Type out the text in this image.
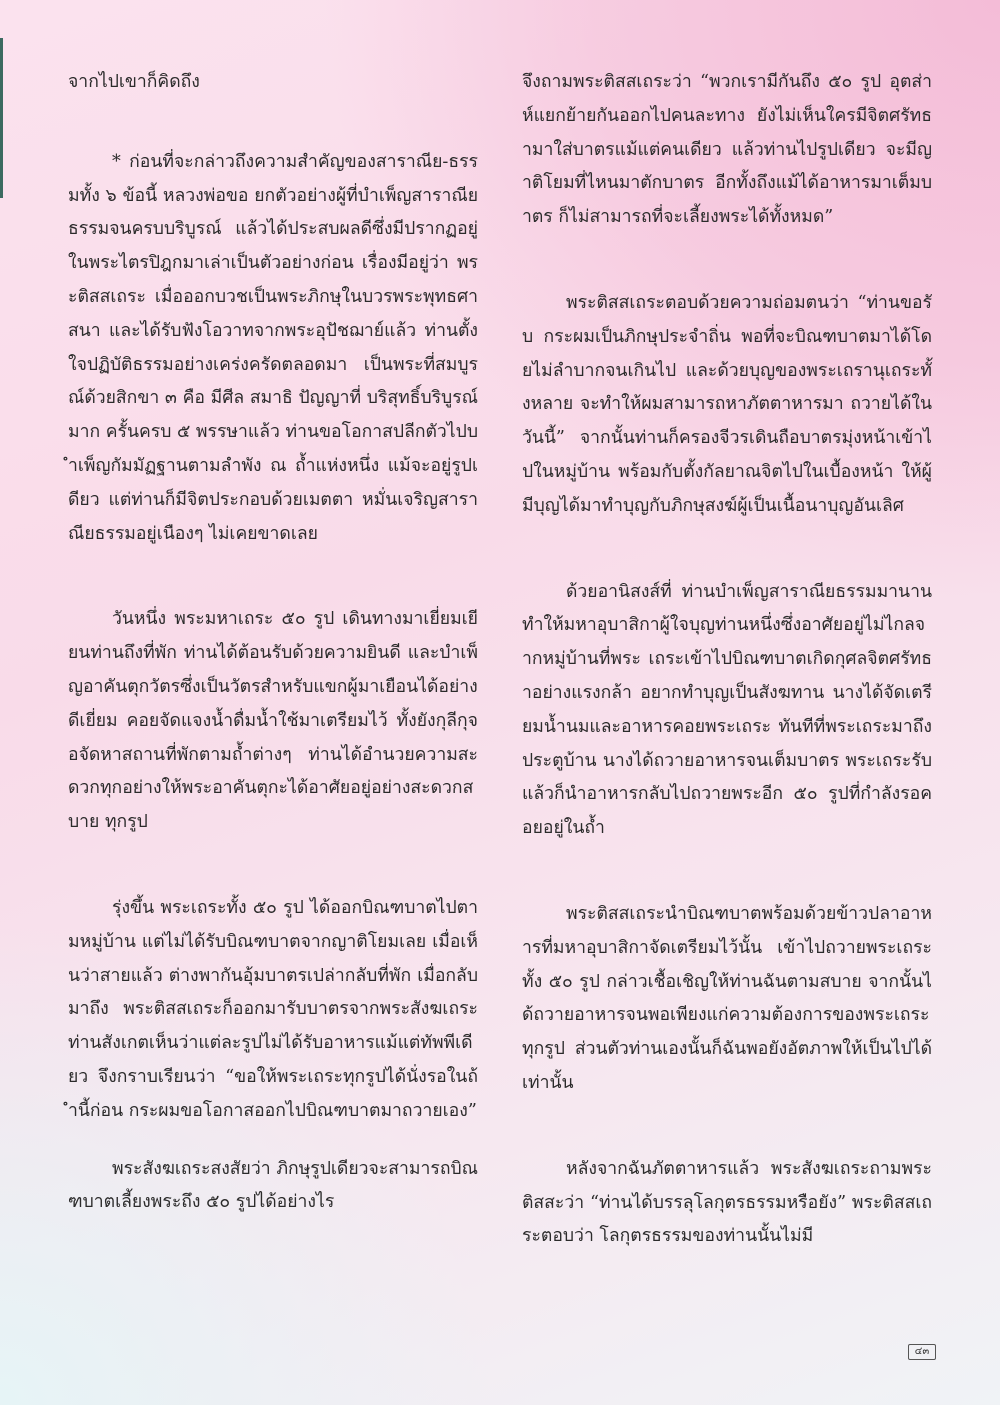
จากไปเขาก็คิดถึง

* ก่อนที่จะกล่าวถึงความสำคัญของสาราณีย-ธรรมทั้ง ๖ ข้อนี้ หลวงพ่อขอ ยกตัวอย่างผู้ที่บำเพ็ญสาราณียธรรมจนครบบริบูรณ์ แล้วได้ประสบผลดีซึ่งมีปรากฏอยู่ในพระไตรปิฎกมาเล่าเป็นตัวอย่างก่อน เรื่องมีอยู่ว่า พระติสสเถระ เมื่อออกบวชเป็นพระภิกษุในบวรพระพุทธศาสนา และได้รับฟังโอวาทจากพระอุปัชฌาย์แล้ว ท่านตั้งใจปฏิบัติธรรมอย่างเคร่งครัดตลอดมา เป็นพระที่สมบูรณ์ด้วยสิกขา ๓ คือ มีศีล สมาธิ ปัญญาที่ บริสุทธิ์บริบูรณ์มาก ครั้นครบ ๕ พรรษาแล้ว ท่านขอโอกาสปลีกตัวไปบำเพ็ญกัมมัฏฐานตามลำพัง ณ ถ้ำแห่งหนึ่ง แม้จะอยู่รูปเดียว แต่ท่านก็มีจิตประกอบด้วยเมตตา หมั่นเจริญสาราณียธรรมอยู่เนืองๆ ไม่เคยขาดเลย

วันหนึ่ง พระมหาเถระ ๕๐ รูป เดินทางมาเยี่ยมเยียนท่านถึงที่พัก ท่านได้ต้อนรับด้วยความยินดี และบำเพ็ญอาคันตุกวัตรซึ่งเป็นวัตรสำหรับแขกผู้มาเยือนได้อย่างดีเยี่ยม คอยจัดแจงน้ำดื่มน้ำใช้มาเตรียมไว้ ทั้งยังกุลีกุจอจัดหาสถานที่พักตามถ้ำต่างๆ ท่านได้อำนวยความสะดวกทุกอย่างให้พระอาคันตุกะได้อาศัยอยู่อย่างสะดวกสบาย ทุกรูป

รุ่งขึ้น พระเถระทั้ง ๕๐ รูป ได้ออกบิณฑบาตไปตามหมู่บ้าน แต่ไม่ได้รับบิณฑบาตจากญาติโยมเลย เมื่อเห็นว่าสายแล้ว ต่างพากันอุ้มบาตรเปล่ากลับที่พัก เมื่อกลับมาถึง พระติสสเถระก็ออกมารับบาตรจากพระสังฆเถระ ท่านสังเกตเห็นว่าแต่ละรูปไม่ได้รับอาหารแม้แต่ทัพพีเดียว จึงกราบเรียนว่า “ขอให้พระเถระทุกรูปได้นั่งรอในถ้ำนี้ก่อน กระผมขอโอกาสออกไปบิณฑบาตมาถวายเอง”

พระสังฆเถระสงสัยว่า ภิกษุรูปเดียวจะสามารถบิณฑบาตเลี้ยงพระถึง ๕๐ รูปได้อย่างไร

จึงถามพระติสสเถระว่า “พวกเรามีกันถึง ๕๐ รูป อุตส่าห์แยกย้ายกันออกไปคนละทาง ยังไม่เห็นใครมีจิตศรัทธามาใส่บาตรแม้แต่คนเดียว แล้วท่านไปรูปเดียว จะมีญาติโยมที่ไหนมาตักบาตร อีกทั้งถึงแม้ได้อาหารมาเต็มบาตร ก็ไม่สามารถที่จะเลี้ยงพระได้ทั้งหมด”

พระติสสเถระตอบด้วยความถ่อมตนว่า “ท่านขอรับ กระผมเป็นภิกษุประจำถิ่น พอที่จะบิณฑบาตมาได้โดยไม่ลำบากจนเกินไป และด้วยบุญของพระเถรานุเถระทั้งหลาย จะทำให้ผมสามารถหาภัตตาหารมา ถวายได้ในวันนี้” จากนั้นท่านก็ครองจีวรเดินถือบาตรมุ่งหน้าเข้าไปในหมู่บ้าน พร้อมกับตั้งกัลยาณจิตไปในเบื้องหน้า ให้ผู้มีบุญได้มาทำบุญกับภิกษุสงฆ์ผู้เป็นเนื้อนาบุญอันเลิศ

ด้วยอานิสงส์ที่ ท่านบำเพ็ญสาราณียธรรมมานาน ทำให้มหาอุบาสิกาผู้ใจบุญท่านหนึ่งซึ่งอาศัยอยู่ไม่ไกลจากหมู่บ้านที่พระ เถระเข้าไปบิณฑบาตเกิดกุศลจิตศรัทธาอย่างแรงกล้า อยากทำบุญเป็นสังฆทาน นางได้จัดเตรียมน้ำนมและอาหารคอยพระเถระ ทันทีที่พระเถระมาถึงประตูบ้าน นางได้ถวายอาหารจนเต็มบาตร พระเถระรับแล้วก็นำอาหารกลับไปถวายพระอีก ๕๐ รูปที่กำลังรอคอยอยู่ในถ้ำ

พระติสสเถระนำบิณฑบาตพร้อมด้วยข้าวปลาอาหารที่มหาอุบาสิกาจัดเตรียมไว้นั้น เข้าไปถวายพระเถระทั้ง ๕๐ รูป กล่าวเชื้อเชิญให้ท่านฉันตามสบาย จากนั้นได้ถวายอาหารจนพอเพียงแก่ความต้องการของพระเถระทุกรูป ส่วนตัวท่านเองนั้นก็ฉันพอยังอัตภาพให้เป็นไปได้เท่านั้น

หลังจากฉันภัตตาหารแล้ว พระสังฆเถระถามพระติสสะว่า “ท่านได้บรรลุโลกุตรธรรมหรือยัง” พระติสสเถระตอบว่า โลกุตรธรรมของท่านนั้นไม่มี

๔๓
